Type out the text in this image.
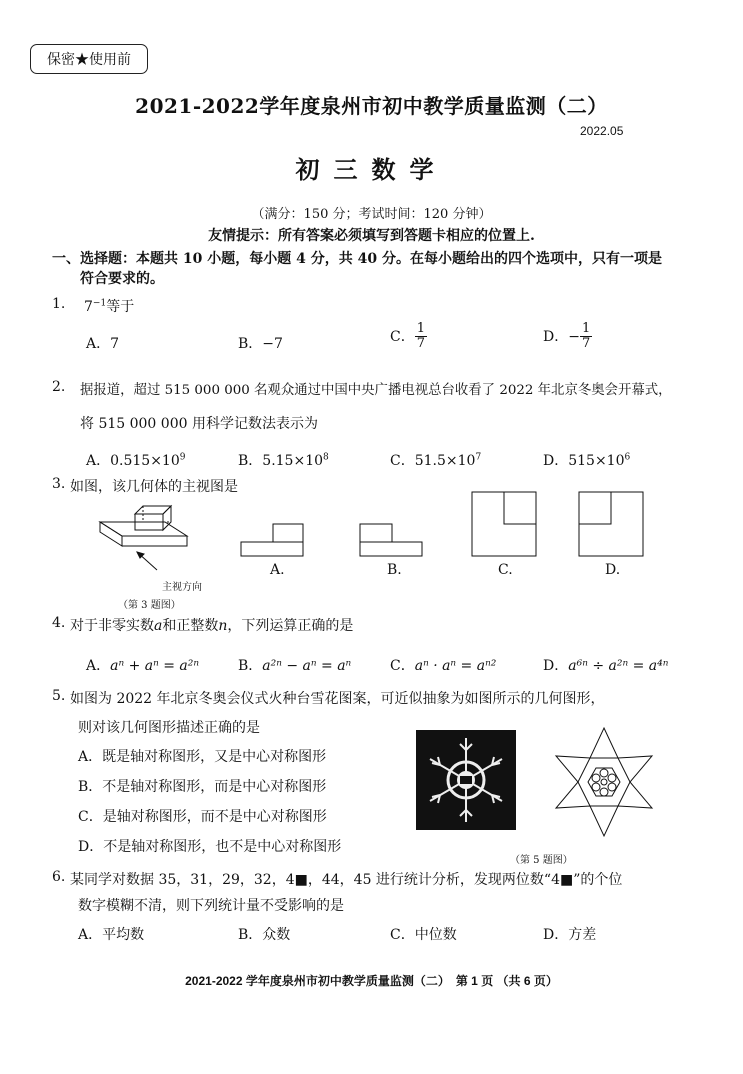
保密★使用前
2021-2022学年度泉州市初中教学质量监测（二）
2022.05
初三数学
（满分：150 分；考试时间：120 分钟）
友情提示：所有答案必须填写到答题卡相应的位置上.
一、选择题：本题共 10 小题，每小题 4 分，共 40 分。在每小题给出的四个选项中，只有一项是
符合要求的。
1. $7^{-1}$等于
A．7	B．−7	C． $\frac{1}{7}$	D．− $\frac{1}{7}$
2. 据报道，超过 515 000 000 名观众通过中国中央广播电视总台收看了 2022 年北京冬奥会开幕式，
将 515 000 000 用科学记数法表示为
A．$0.515\times 10^9$	B．$5.15\times 10^8$	C．$51.5\times 10^7$	D．$515\times 10^6$
3. 如图，该几何体的主视图是
主视方向
（第 3 题图）
A.	B.	C.	D.
4. 对于非零实数a和正整数n，下列运算正确的是
A．aⁿ + aⁿ = a²ⁿ	B．a²ⁿ − aⁿ = aⁿ	C．aⁿ · aⁿ = aⁿ²	D．a⁶ⁿ ÷ a²ⁿ = a⁴ⁿ
5. 如图为 2022 年北京冬奥会仪式火种台雪花图案，可近似抽象为如图所示的几何图形，
则对该几何图形描述正确的是
A．既是轴对称图形，又是中心对称图形
B．不是轴对称图形，而是中心对称图形
C．是轴对称图形，而不是中心对称图形
D．不是轴对称图形，也不是中心对称图形
（第 5 题图）
6. 某同学对数据 35，31，29，32，4■，44，45 进行统计分析，发现两位数“4■”的个位
数字模糊不清，则下列统计量不受影响的是
A．平均数	B．众数	C．中位数	D．方差
2021-2022 学年度泉州市初中教学质量监测（二）　第 1 页 （共 6 页）
